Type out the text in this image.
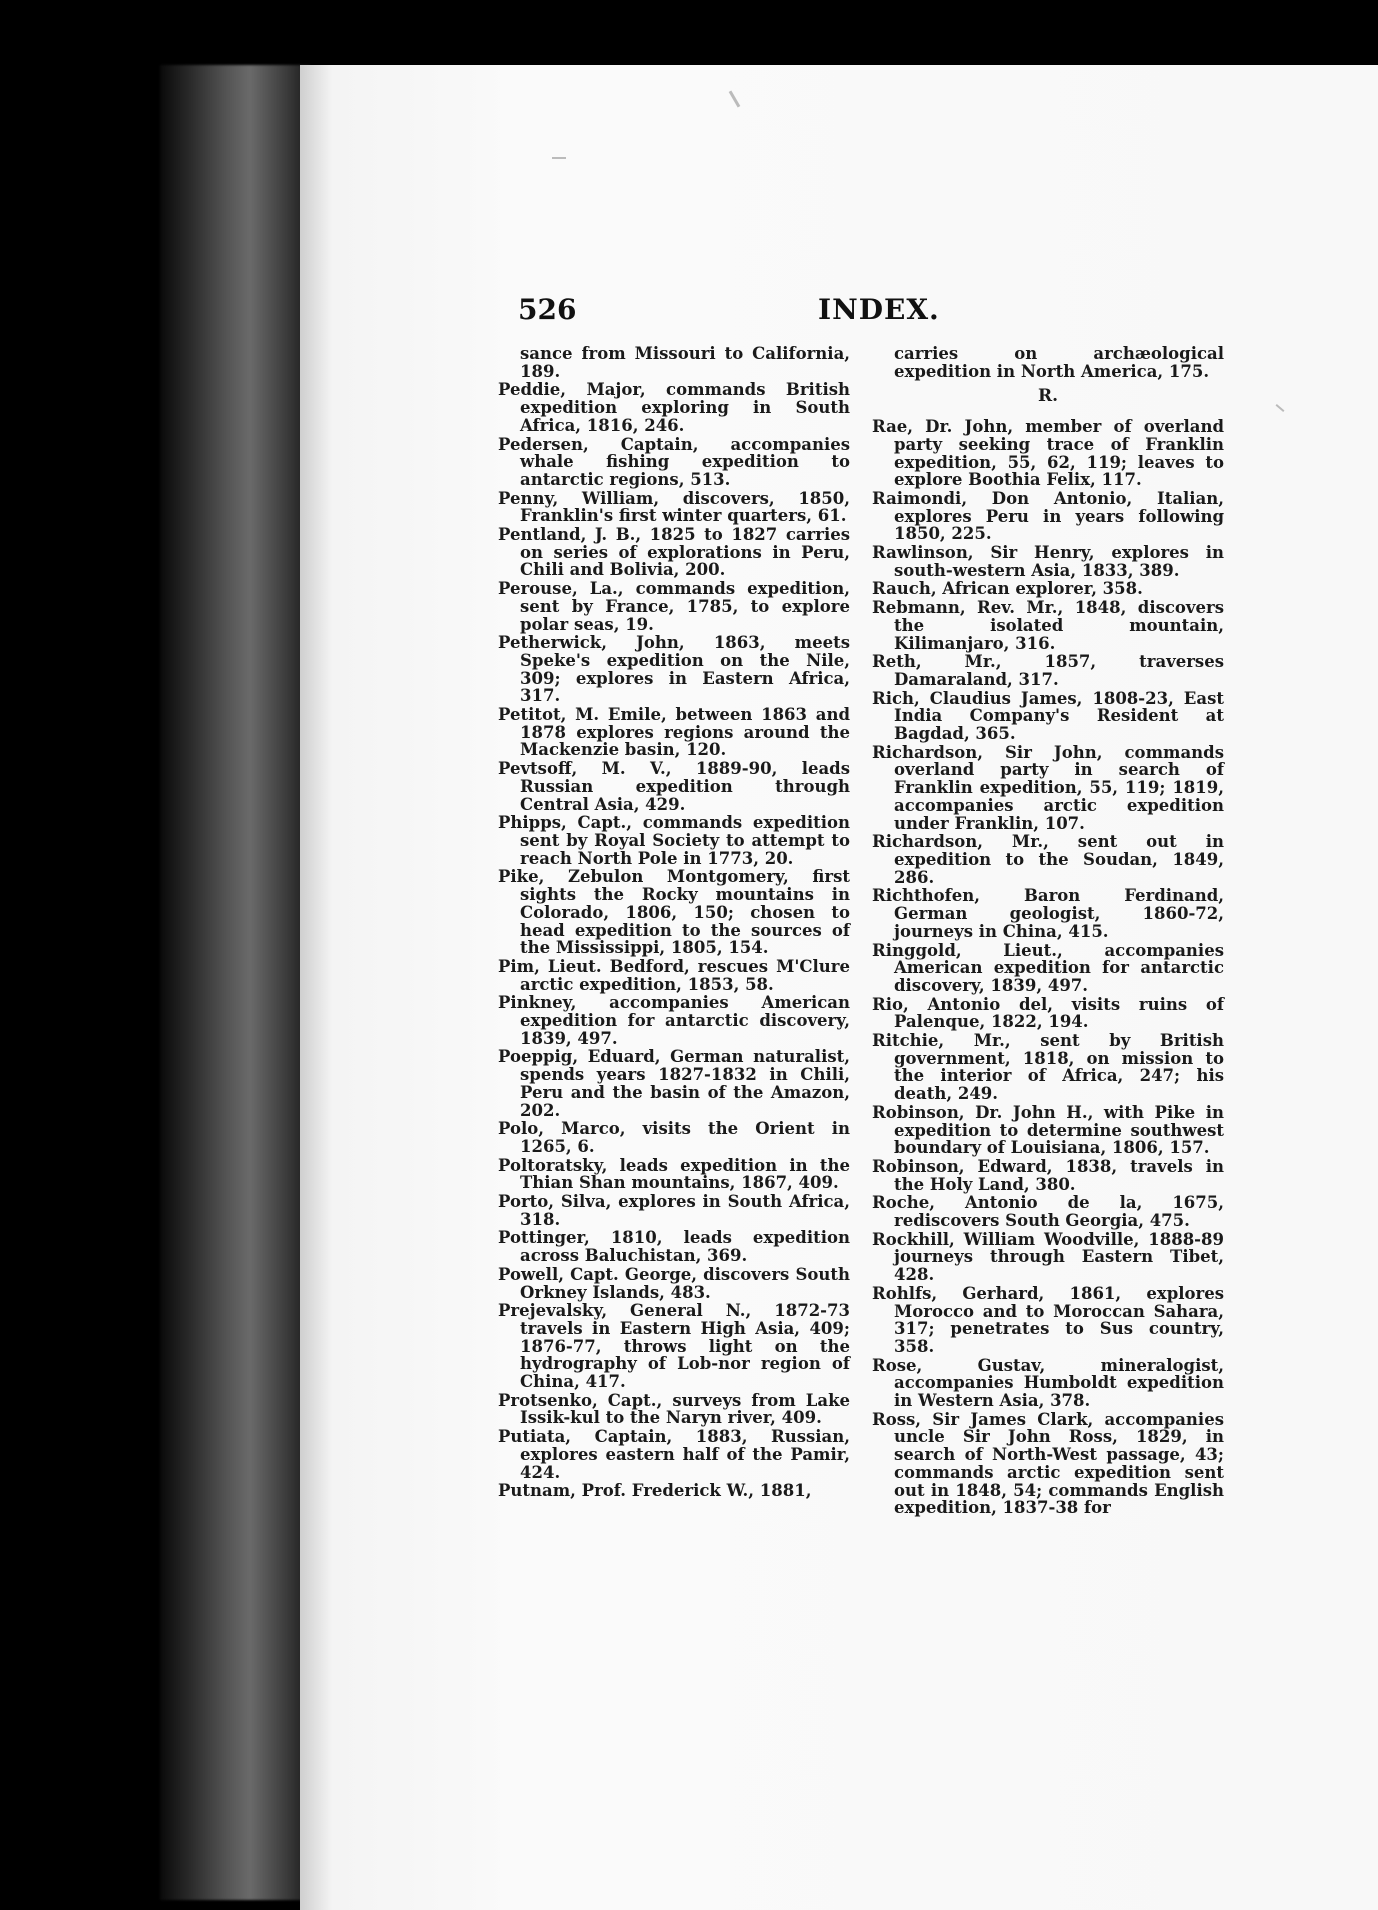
526	INDEX.
sance from Missouri to California, 189.
Peddie, Major, commands British expedition exploring in South Africa, 1816, 246.
Pedersen, Captain, accompanies whale fishing expedition to antarctic regions, 513.
Penny, William, discovers, 1850, Franklin's first winter quarters, 61.
Pentland, J. B., 1825 to 1827 carries on series of explorations in Peru, Chili and Bolivia, 200.
Perouse, La., commands expedition, sent by France, 1785, to explore polar seas, 19.
Petherwick, John, 1863, meets Speke's expedition on the Nile, 309; explores in Eastern Africa, 317.
Petitot, M. Emile, between 1863 and 1878 explores regions around the Mackenzie basin, 120.
Pevtsoff, M. V., 1889-90, leads Russian expedition through Central Asia, 429.
Phipps, Capt., commands expedition sent by Royal Society to attempt to reach North Pole in 1773, 20.
Pike, Zebulon Montgomery, first sights the Rocky mountains in Colorado, 1806, 150; chosen to head expedition to the sources of the Mississippi, 1805, 154.
Pim, Lieut. Bedford, rescues M'Clure arctic expedition, 1853, 58.
Pinkney, accompanies American expedition for antarctic discovery, 1839, 497.
Poeppig, Eduard, German naturalist, spends years 1827-1832 in Chili, Peru and the basin of the Amazon, 202.
Polo, Marco, visits the Orient in 1265, 6.
Poltoratsky, leads expedition in the Thian Shan mountains, 1867, 409.
Porto, Silva, explores in South Africa, 318.
Pottinger, 1810, leads expedition across Baluchistan, 369.
Powell, Capt. George, discovers South Orkney Islands, 483.
Prejevalsky, General N., 1872-73 travels in Eastern High Asia, 409; 1876-77, throws light on the hydrography of Lob-nor region of China, 417.
Protsenko, Capt., surveys from Lake Issik-kul to the Naryn river, 409.
Putiata, Captain, 1883, Russian, explores eastern half of the Pamir, 424.
Putnam, Prof. Frederick W., 1881,
carries on archæological expedition in North America, 175.
R.
Rae, Dr. John, member of overland party seeking trace of Franklin expedition, 55, 62, 119; leaves to explore Boothia Felix, 117.
Raimondi, Don Antonio, Italian, explores Peru in years following 1850, 225.
Rawlinson, Sir Henry, explores in south-western Asia, 1833, 389.
Rauch, African explorer, 358.
Rebmann, Rev. Mr., 1848, discovers the isolated mountain, Kilimanjaro, 316.
Reth, Mr., 1857, traverses Damaraland, 317.
Rich, Claudius James, 1808-23, East India Company's Resident at Bagdad, 365.
Richardson, Sir John, commands overland party in search of Franklin expedition, 55, 119; 1819, accompanies arctic expedition under Franklin, 107.
Richardson, Mr., sent out in expedition to the Soudan, 1849, 286.
Richthofen, Baron Ferdinand, German geologist, 1860-72, journeys in China, 415.
Ringgold, Lieut., accompanies American expedition for antarctic discovery, 1839, 497.
Rio, Antonio del, visits ruins of Palenque, 1822, 194.
Ritchie, Mr., sent by British government, 1818, on mission to the interior of Africa, 247; his death, 249.
Robinson, Dr. John H., with Pike in expedition to determine southwest boundary of Louisiana, 1806, 157.
Robinson, Edward, 1838, travels in the Holy Land, 380.
Roche, Antonio de la, 1675, rediscovers South Georgia, 475.
Rockhill, William Woodville, 1888-89 journeys through Eastern Tibet, 428.
Rohlfs, Gerhard, 1861, explores Morocco and to Moroccan Sahara, 317; penetrates to Sus country, 358.
Rose, Gustav, mineralogist, accompanies Humboldt expedition in Western Asia, 378.
Ross, Sir James Clark, accompanies uncle Sir John Ross, 1829, in search of North-West passage, 43; commands arctic expedition sent out in 1848, 54; commands English expedition, 1837-38 for
